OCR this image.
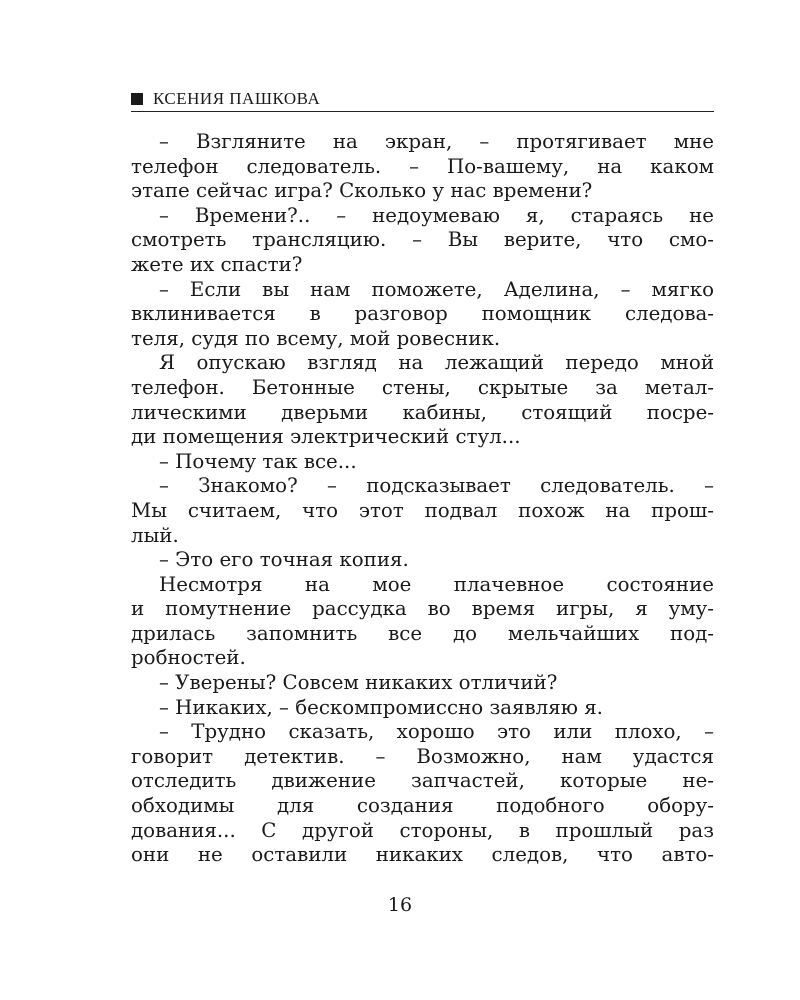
КСЕНИЯ ПАШКОВА
– Взгляните на экран, – протягивает мне
телефон следователь. – По-вашему, на каком
этапе сейчас игра? Сколько у нас времени?
– Времени?.. – недоумеваю я, стараясь не
смотреть трансляцию. – Вы верите, что смо-
жете их спасти?
– Если вы нам поможете, Аделина, – мягко
вклинивается в разговор помощник следова-
теля, судя по всему, мой ровесник.
Я опускаю взгляд на лежащий передо мной
телефон. Бетонные стены, скрытые за метал-
лическими дверьми кабины, стоящий посре-
ди помещения электрический стул...
– Почему так все...
– Знакомо? – подсказывает следователь. –
Мы считаем, что этот подвал похож на прош-
лый.
– Это его точная копия.
Несмотря на мое плачевное состояние
и помутнение рассудка во время игры, я уму-
дрилась запомнить все до мельчайших под-
робностей.
– Уверены? Совсем никаких отличий?
– Никаких, – бескомпромиссно заявляю я.
– Трудно сказать, хорошо это или плохо, –
говорит детектив. – Возможно, нам удастся
отследить движение запчастей, которые не-
обходимы для создания подобного обору-
дования... С другой стороны, в прошлый раз
они не оставили никаких следов, что авто-
16
